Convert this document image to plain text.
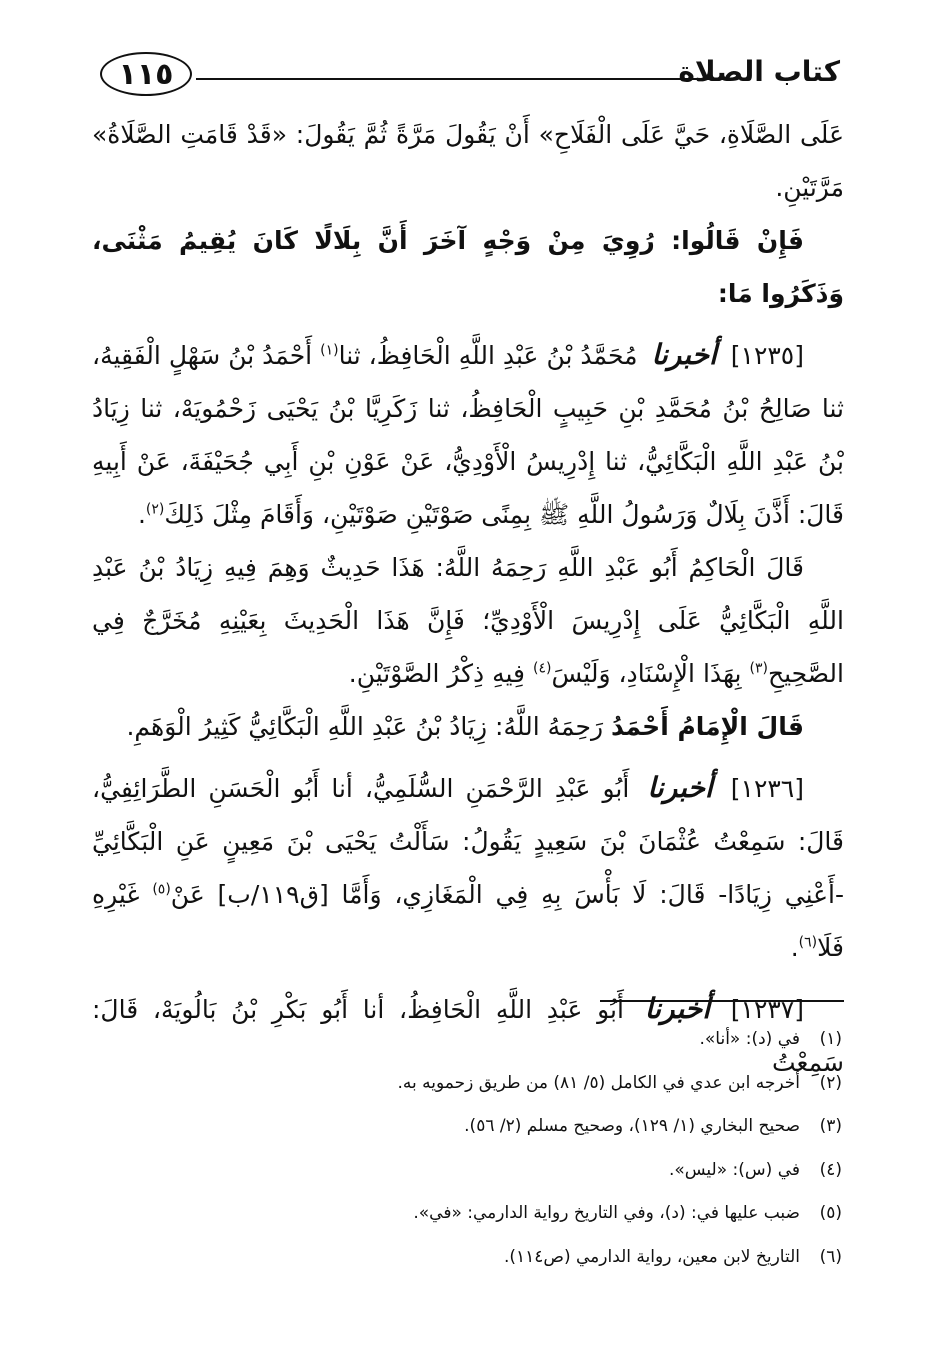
١١٥	كتاب الصلاة

عَلَى الصَّلَاةِ، حَيَّ عَلَى الْفَلَاحِ» أَنْ يَقُولَ مَرَّةً ثُمَّ يَقُولَ: «قَدْ قَامَتِ الصَّلَاةُ» مَرَّتَيْنِ.

فَإِنْ قَالُوا: رُوِيَ مِنْ وَجْهٍ آخَرَ أَنَّ بِلَالًا كَانَ يُقِيمُ مَثْنَى، وَذَكَرُوا مَا:

[١٢٣٥] أخبرنا مُحَمَّدُ بْنُ عَبْدِ اللَّهِ الْحَافِظُ، ثنا$^{(١)}$ أَحْمَدُ بْنُ سَهْلٍ الْفَقِيهُ، ثنا صَالِحُ بْنُ مُحَمَّدِ بْنِ حَبِيبٍ الْحَافِظُ، ثنا زَكَرِيَّا بْنُ يَحْيَى زَحْمُويَهْ، ثنا زِيَادُ بْنُ عَبْدِ اللَّهِ الْبَكَّائِيُّ، ثنا إِدْرِيسُ الْأَوْدِيُّ، عَنْ عَوْنِ بْنِ أَبِي جُحَيْفَةَ، عَنْ أَبِيهِ قَالَ: أَذَّنَ بِلَالٌ وَرَسُولُ اللَّهِ ﷺ بِمِنًى صَوْتَيْنِ صَوْتَيْنِ، وَأَقَامَ مِثْلَ ذَلِكَ$^{(٢)}$.

قَالَ الْحَاكِمُ أَبُو عَبْدِ اللَّهِ رَحِمَهُ اللَّهُ: هَذَا حَدِيثٌ وَهِمَ فِيهِ زِيَادُ بْنُ عَبْدِ اللَّهِ الْبَكَّائِيُّ عَلَى إِدْرِيسَ الْأَوْدِيِّ؛ فَإِنَّ هَذَا الْحَدِيثَ بِعَيْنِهِ مُخَرَّجٌ فِي الصَّحِيحِ$^{(٣)}$ بِهَذَا الْإِسْنَادِ، وَلَيْسَ$^{(٤)}$ فِيهِ ذِكْرُ الصَّوْتَيْنِ.

قَالَ الْإِمَامُ أَحْمَدُ رَحِمَهُ اللَّهُ: زِيَادُ بْنُ عَبْدِ اللَّهِ الْبَكَّائِيُّ كَثِيرُ الْوَهَمِ.

[١٢٣٦] أخبرنا أَبُو عَبْدِ الرَّحْمَنِ السُّلَمِيُّ، أنا أَبُو الْحَسَنِ الطَّرَائِفِيُّ، قَالَ: سَمِعْتُ عُثْمَانَ بْنَ سَعِيدٍ يَقُولُ: سَأَلْتُ يَحْيَى بْنَ مَعِينٍ عَنِ الْبَكَّائِيِّ -أَعْنِي زِيَادًا- قَالَ: لَا بَأْسَ بِهِ فِي الْمَغَازِي، وَأَمَّا [ق١١٩/ب] عَنْ$^{(٥)}$ غَيْرِهِ فَلَا$^{(٦)}$.

[١٢٣٧] أخبرنا أَبُو عَبْدِ اللَّهِ الْحَافِظُ، أنا أَبُو بَكْرِ بْنُ بَالُويَهْ، قَالَ: سَمِعْتُ

(١)
في (د): «أنا».
(٢)
أخرجه ابن عدي في الكامل (٥/ ٨١) من طريق زحمويه به.
(٣)
صحيح البخاري (١/ ١٢٩)، وصحيح مسلم (٢/ ٥٦).
(٤)
في (س): «ليس».
(٥)
ضبب عليها في: (د)، وفي التاريخ رواية الدارمي: «في».
(٦)
التاريخ لابن معين، رواية الدارمي (ص١١٤).
